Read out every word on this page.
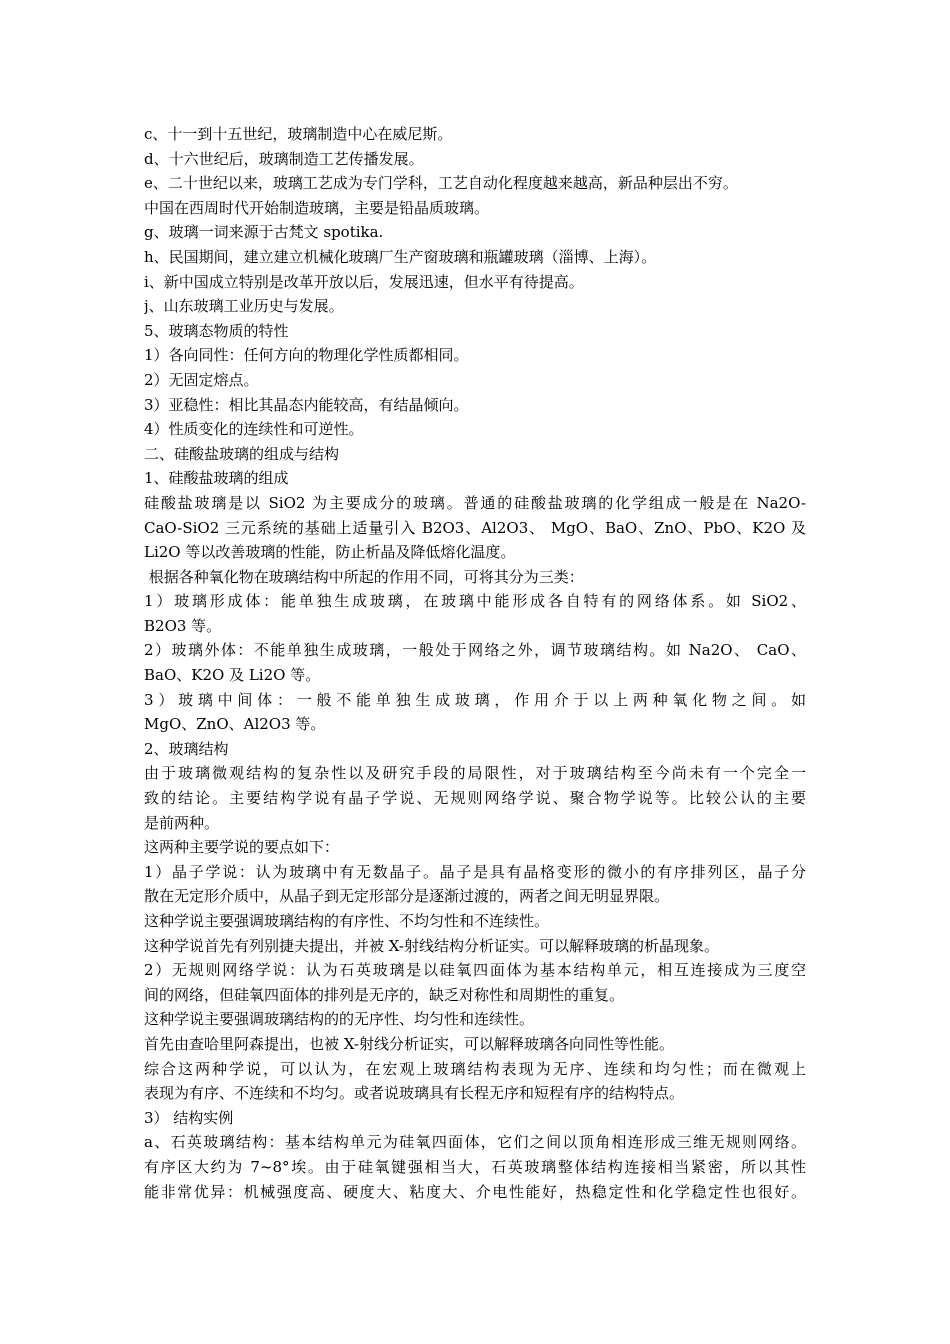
c、十一到十五世纪，玻璃制造中心在威尼斯。
d、十六世纪后，玻璃制造工艺传播发展。
e、二十世纪以来，玻璃工艺成为专门学科，工艺自动化程度越来越高，新品种层出不穷。
中国在西周时代开始制造玻璃，主要是铅晶质玻璃。
g、玻璃一词来源于古梵文 spotika.
h、民国期间，建立建立机械化玻璃厂生产窗玻璃和瓶罐玻璃（淄博、上海）。
i、新中国成立特别是改革开放以后，发展迅速，但水平有待提高。
j、山东玻璃工业历史与发展。
5、玻璃态物质的特性
1）各向同性：任何方向的物理化学性质都相同。
2）无固定熔点。
3）亚稳性：相比其晶态内能较高，有结晶倾向。
4）性质变化的连续性和可逆性。
二、硅酸盐玻璃的组成与结构
1、硅酸盐玻璃的组成
硅酸盐玻璃是以 SiO2 为主要成分的玻璃。普通的硅酸盐玻璃的化学组成一般是在 Na2O-
CaO-SiO2 三元系统的基础上适量引入 B2O3、Al2O3、 MgO、BaO、ZnO、PbO、K2O 及
Li2O 等以改善玻璃的性能，防止析晶及降低熔化温度。
根据各种氧化物在玻璃结构中所起的作用不同，可将其分为三类：
1）玻璃形成体：能单独生成玻璃，在玻璃中能形成各自特有的网络体系。如 SiO2、
B2O3 等。
2）玻璃外体：不能单独生成玻璃，一般处于网络之外，调节玻璃结构。如 Na2O、 CaO、
BaO、K2O 及 Li2O 等。
3）玻璃中间体：一般不能单独生成玻璃，作用介于以上两种氧化物之间。如
MgO、ZnO、Al2O3 等。
2、玻璃结构
由于玻璃微观结构的复杂性以及研究手段的局限性，对于玻璃结构至今尚未有一个完全一
致的结论。主要结构学说有晶子学说、无规则网络学说、聚合物学说等。比较公认的主要
是前两种。
这两种主要学说的要点如下：
1）晶子学说：认为玻璃中有无数晶子。晶子是具有晶格变形的微小的有序排列区，晶子分
散在无定形介质中，从晶子到无定形部分是逐渐过渡的，两者之间无明显界限。
这种学说主要强调玻璃结构的有序性、不均匀性和不连续性。
这种学说首先有列别捷夫提出，并被 X-射线结构分析证实。可以解释玻璃的析晶现象。
2）无规则网络学说：认为石英玻璃是以硅氧四面体为基本结构单元，相互连接成为三度空
间的网络，但硅氧四面体的排列是无序的，缺乏对称性和周期性的重复。
这种学说主要强调玻璃结构的的无序性、均匀性和连续性。
首先由查哈里阿森提出，也被 X-射线分析证实，可以解释玻璃各向同性等性能。
综合这两种学说，可以认为，在宏观上玻璃结构表现为无序、连续和均匀性；而在微观上
表现为有序、不连续和不均匀。或者说玻璃具有长程无序和短程有序的结构特点。
3） 结构实例
a、石英玻璃结构：基本结构单元为硅氧四面体，它们之间以顶角相连形成三维无规则网络。
有序区大约为 7~8°埃。由于硅氧键强相当大，石英玻璃整体结构连接相当紧密，所以其性
能非常优异：机械强度高、硬度大、粘度大、介电性能好，热稳定性和化学稳定性也很好。
